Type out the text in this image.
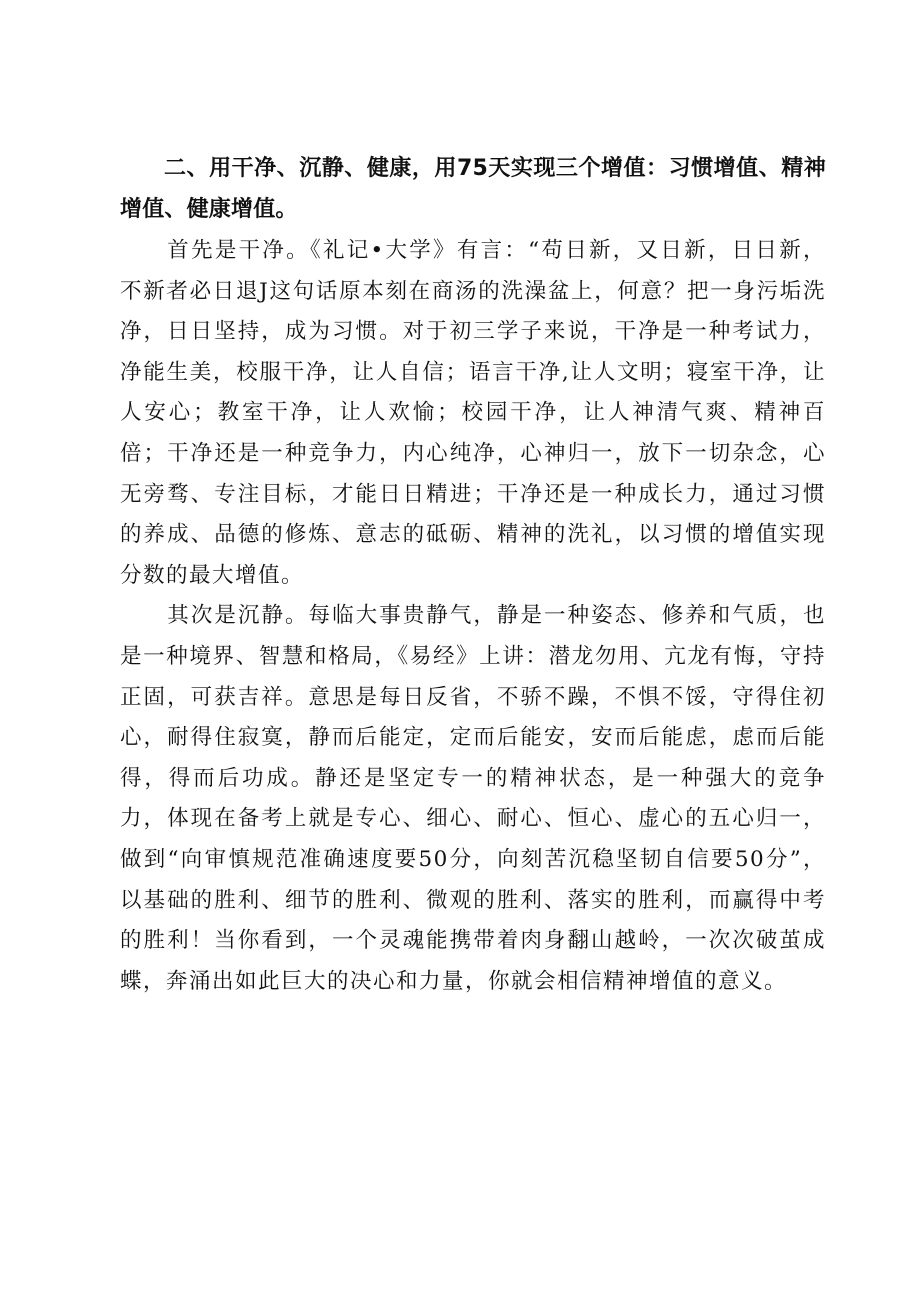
二、用干净、沉静、健康，用75天实现三个增值：习惯增值、精神增值、健康增值。

首先是干净。《礼记•大学》有言：“苟日新，又日新，日日新，不新者必日退J这句话原本刻在商汤的洗澡盆上，何意？把一身污垢洗净，日日坚持，成为习惯。对于初三学子来说，干净是一种考试力，净能生美，校服干净，让人自信；语言干净,让人文明；寝室干净，让人安心；教室干净，让人欢愉；校园干净，让人神清气爽、精神百倍；干净还是一种竞争力，内心纯净，心神归一，放下一切杂念，心无旁骛、专注目标，才能日日精进；干净还是一种成长力，通过习惯的养成、品德的修炼、意志的砥砺、精神的洗礼，以习惯的增值实现分数的最大增值。

其次是沉静。每临大事贵静气，静是一种姿态、修养和气质，也是一种境界、智慧和格局，《易经》上讲：潜龙勿用、亢龙有悔，守持正固，可获吉祥。意思是每日反省，不骄不躁，不惧不馁，守得住初心，耐得住寂寞，静而后能定，定而后能安，安而后能虑，虑而后能得，得而后功成。静还是坚定专一的精神状态，是一种强大的竞争力，体现在备考上就是专心、细心、耐心、恒心、虚心的五心归一，做到“向审慎规范准确速度要50分，向刻苦沉稳坚韧自信要50分”，以基础的胜利、细节的胜利、微观的胜利、落实的胜利，而赢得中考的胜利！当你看到，一个灵魂能携带着肉身翻山越岭，一次次破茧成蝶，奔涌出如此巨大的决心和力量，你就会相信精神增值的意义。
